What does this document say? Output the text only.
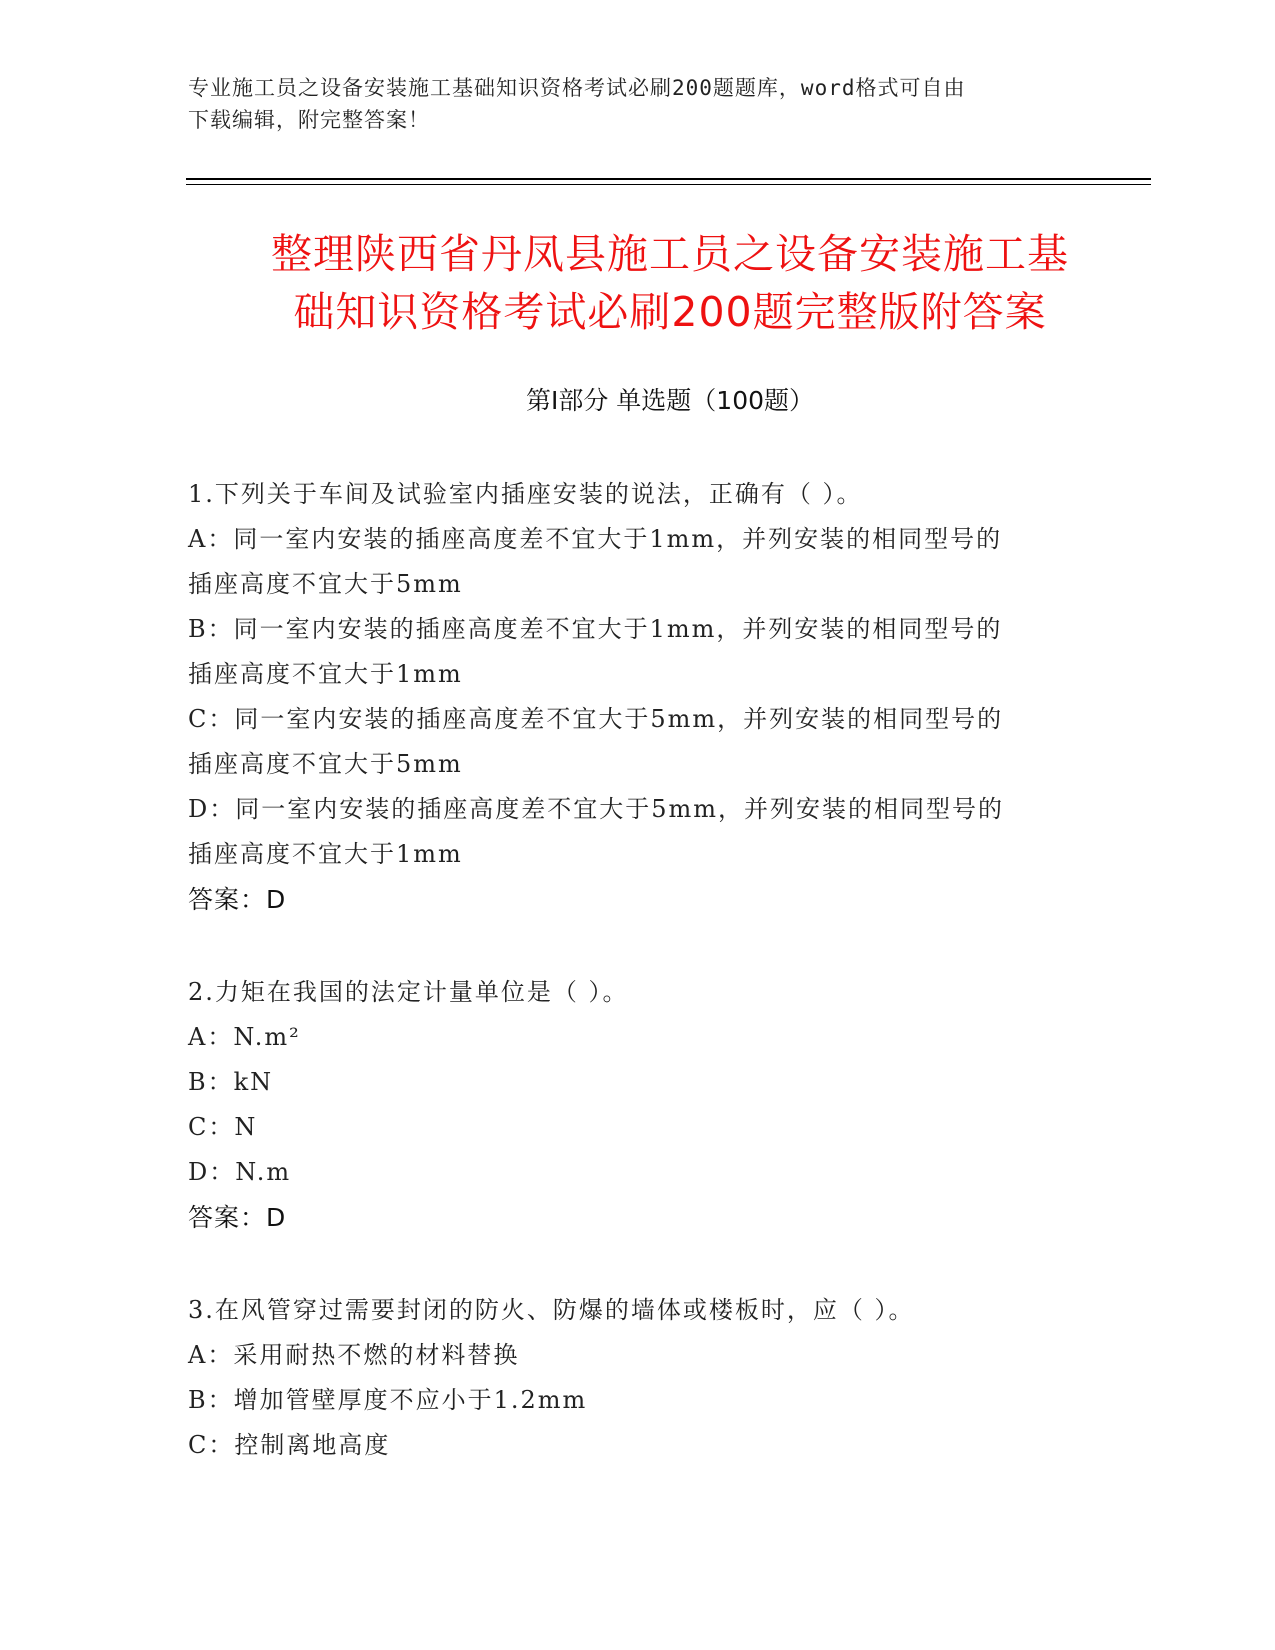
专业施工员之设备安装施工基础知识资格考试必刷200题题库，word格式可自由
下载编辑，附完整答案！
整理陕西省丹凤县施工员之设备安装施工基
础知识资格考试必刷200题完整版附答案
第Ⅰ部分 单选题（100题）
1.下列关于车间及试验室内插座安装的说法，正确有（ ）。
A：同一室内安装的插座高度差不宜大于1mm，并列安装的相同型号的
插座高度不宜大于5mm
B：同一室内安装的插座高度差不宜大于1mm，并列安装的相同型号的
插座高度不宜大于1mm
C：同一室内安装的插座高度差不宜大于5mm，并列安装的相同型号的
插座高度不宜大于5mm
D：同一室内安装的插座高度差不宜大于5mm，并列安装的相同型号的
插座高度不宜大于1mm
答案：D
2.力矩在我国的法定计量单位是（ ）。
A：N.m²
B：kN
C：N
D：N.m
答案：D
3.在风管穿过需要封闭的防火、防爆的墙体或楼板时，应（ ）。
A：采用耐热不燃的材料替换
B：增加管壁厚度不应小于1.2mm
C：控制离地高度
